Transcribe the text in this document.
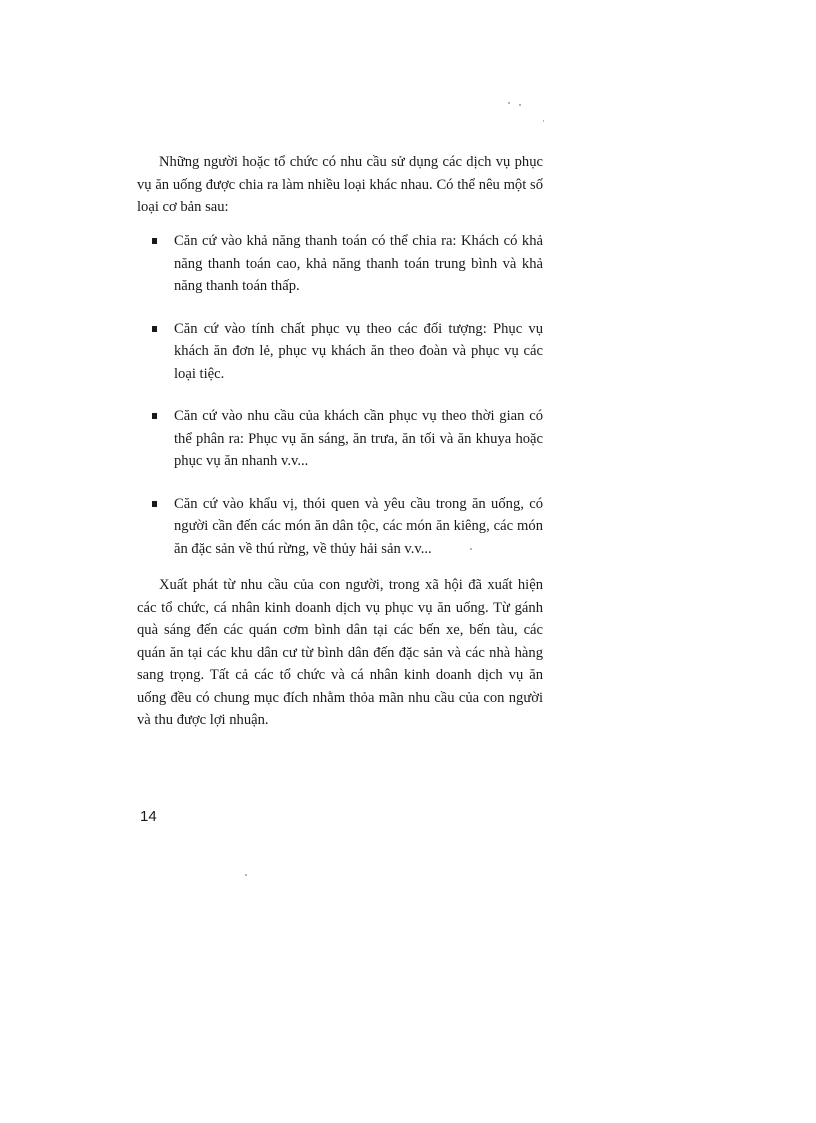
Những người hoặc tổ chức có nhu cầu sử dụng các dịch vụ phục vụ ăn uống được chia ra làm nhiều loại khác nhau. Có thể nêu một số loại cơ bản sau:

Căn cứ vào khả năng thanh toán có thể chia ra: Khách có khả năng thanh toán cao, khả năng thanh toán trung bình và khả năng thanh toán thấp.
Căn cứ vào tính chất phục vụ theo các đối tượng: Phục vụ khách ăn đơn lẻ, phục vụ khách ăn theo đoàn và phục vụ các loại tiệc.
Căn cứ vào nhu cầu của khách cần phục vụ theo thời gian có thể phân ra: Phục vụ ăn sáng, ăn trưa, ăn tối và ăn khuya hoặc phục vụ ăn nhanh v.v...
Căn cứ vào khẩu vị, thói quen và yêu cầu trong ăn uống, có người cần đến các món ăn dân tộc, các món ăn kiêng, các món ăn đặc sản về thú rừng, về thủy hải sản v.v...

Xuất phát từ nhu cầu của con người, trong xã hội đã xuất hiện các tổ chức, cá nhân kinh doanh dịch vụ phục vụ ăn uống. Từ gánh quà sáng đến các quán cơm bình dân tại các bến xe, bến tàu, các quán ăn tại các khu dân cư từ bình dân đến đặc sản và các nhà hàng sang trọng. Tất cả các tổ chức và cá nhân kinh doanh dịch vụ ăn uống đều có chung mục đích nhằm thỏa mãn nhu cầu của con người và thu được lợi nhuận.

14
